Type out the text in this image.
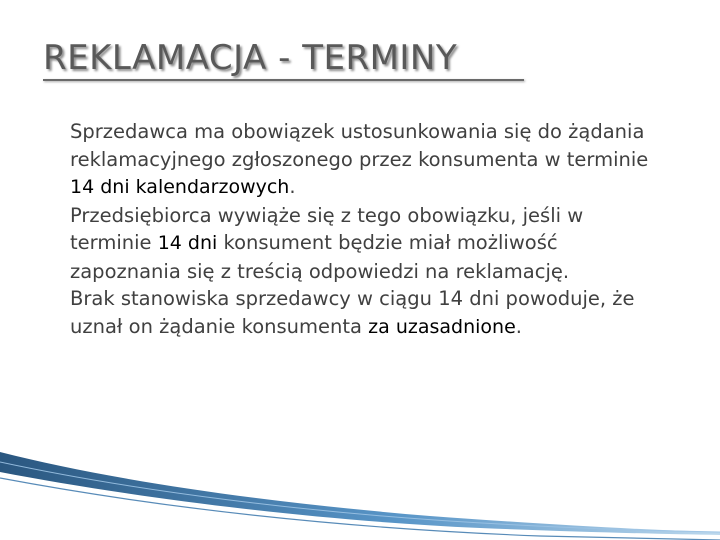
REKLAMACJA - TERMINY
Sprzedawca ma obowiązek ustosunkowania się do żądania reklamacyjnego zgłoszonego przez konsumenta w terminie 14 dni kalendarzowych.
Przedsiębiorca wywiąże się z tego obowiązku, jeśli w terminie 14 dni konsument będzie miał możliwość zapoznania się z treścią odpowiedzi na reklamację.
Brak stanowiska sprzedawcy w ciągu 14 dni powoduje, że uznał on żądanie konsumenta za uzasadnione.
